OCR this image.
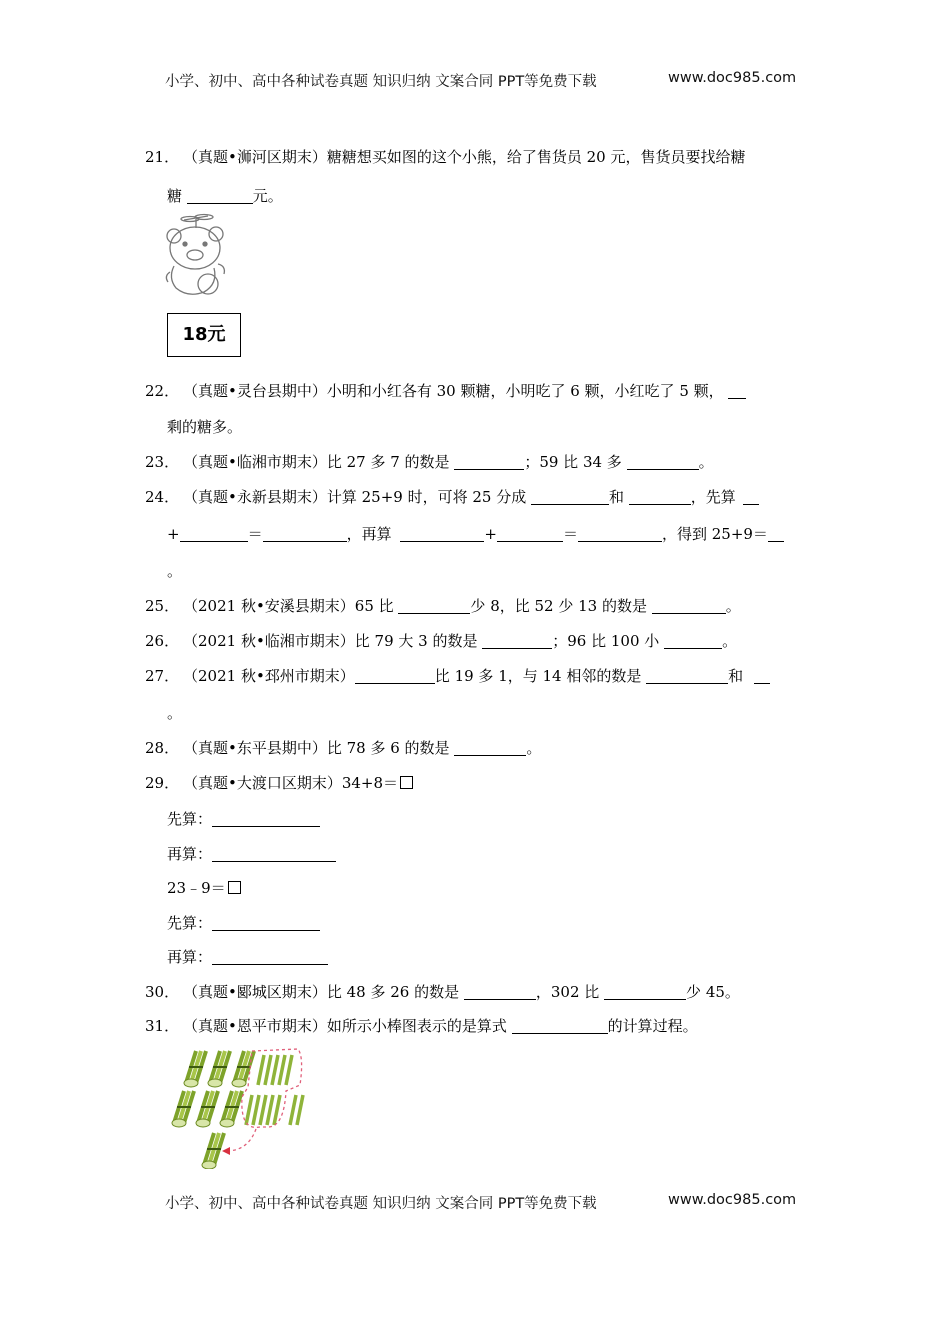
小学、初中、高中各种试卷真题 知识归纳 文案合同 PPT等免费下载	www.doc985.com
21． （真题•浉河区期末）糖糖想买如图的这个小熊，给了售货员 20 元，售货员要找给糖
糖	元。
18元
22． （真题•灵台县期中）小明和小红各有 30 颗糖，小明吃了 6 颗，小红吃了 5 颗，
剩的糖多。
23． （真题•临湘市期末）比 27 多 7 的数是	；59 比 34 多	。
24． （真题•永新县期末）计算 25+9 时，可将 25 分成	和	，先算
+	＝	，再算	+	＝	，得到 25+9＝
。
25． （2021 秋•安溪县期末）65 比	少 8，比 52 少 13 的数是	。
26． （2021 秋•临湘市期末）比 79 大 3 的数是	；96 比 100 小	。
27． （2021 秋•邳州市期末）	比 19 多 1，与 14 相邻的数是	和
。
28． （真题•东平县期中）比 78 多 6 的数是	。
29． （真题•大渡口区期末）34+8＝
先算：
再算：
23﹣9＝
先算：
再算：
30． （真题•郾城区期末）比 48 多 26 的数是	，302 比	少 45。
31． （真题•恩平市期末）如所示小棒图表示的是算式	的计算过程。
小学、初中、高中各种试卷真题 知识归纳 文案合同 PPT等免费下载	www.doc985.com
